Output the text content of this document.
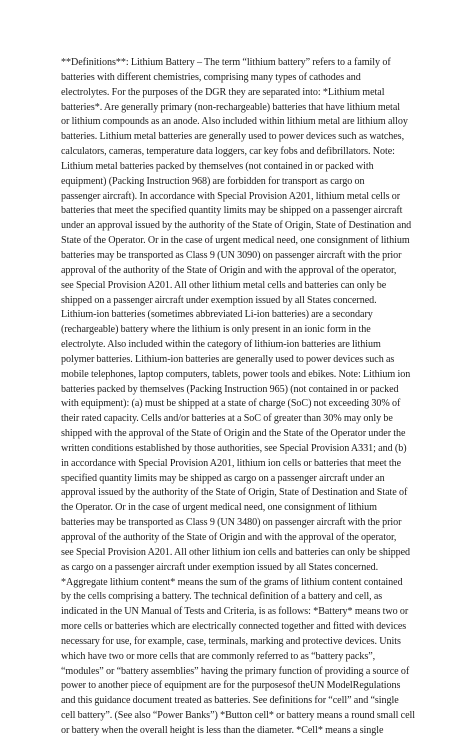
**Definitions**: Lithium Battery – The term “lithium battery” refers to a family of
batteries with different chemistries, comprising many types of cathodes and
electrolytes. For the purposes of the DGR they are separated into: *Lithium metal
batteries*. Are generally primary (non-rechargeable) batteries that have lithium metal
or lithium compounds as an anode. Also included within lithium metal are lithium alloy
batteries. Lithium metal batteries are generally used to power devices such as watches,
calculators, cameras, temperature data loggers, car key fobs and defibrillators. Note:
Lithium metal batteries packed by themselves (not contained in or packed with
equipment) (Packing Instruction 968) are forbidden for transport as cargo on
passenger aircraft). In accordance with Special Provision A201, lithium metal cells or
batteries that meet the specified quantity limits may be shipped on a passenger aircraft
under an approval issued by the authority of the State of Origin, State of Destination and
State of the Operator. Or in the case of urgent medical need, one consignment of lithium
batteries may be transported as Class 9 (UN 3090) on passenger aircraft with the prior
approval of the authority of the State of Origin and with the approval of the operator,
see Special Provision A201. All other lithium metal cells and batteries can only be
shipped on a passenger aircraft under exemption issued by all States concerned.
Lithium-ion batteries (sometimes abbreviated Li-ion batteries) are a secondary
(rechargeable) battery where the lithium is only present in an ionic form in the
electrolyte. Also included within the category of lithium-ion batteries are lithium
polymer batteries. Lithium-ion batteries are generally used to power devices such as
mobile telephones, laptop computers, tablets, power tools and ebikes. Note: Lithium ion
batteries packed by themselves (Packing Instruction 965) (not contained in or packed
with equipment): (a) must be shipped at a state of charge (SoC) not exceeding 30% of
their rated capacity. Cells and/or batteries at a SoC of greater than 30% may only be
shipped with the approval of the State of Origin and the State of the Operator under the
written conditions established by those authorities, see Special Provision A331; and (b)
in accordance with Special Provision A201, lithium ion cells or batteries that meet the
specified quantity limits may be shipped as cargo on a passenger aircraft under an
approval issued by the authority of the State of Origin, State of Destination and State of
the Operator. Or in the case of urgent medical need, one consignment of lithium
batteries may be transported as Class 9 (UN 3480) on passenger aircraft with the prior
approval of the authority of the State of Origin and with the approval of the operator,
see Special Provision A201. All other lithium ion cells and batteries can only be shipped
as cargo on a passenger aircraft under exemption issued by all States concerned.
*Aggregate lithium content* means the sum of the grams of lithium content contained
by the cells comprising a battery. The technical definition of a battery and cell, as
indicated in the UN Manual of Tests and Criteria, is as follows: *Battery* means two or
more cells or batteries which are electrically connected together and fitted with devices
necessary for use, for example, case, terminals, marking and protective devices. Units
which have two or more cells that are commonly referred to as “battery packs”,
“modules” or “battery assemblies” having the primary function of providing a source of
power to another piece of equipment are for the purposesof theUN ModelRegulations
and this guidance document treated as batteries. See definitions for “cell” and “single
cell battery”. (See also “Power Banks”) *Button cell* or battery means a round small cell
or battery when the overall height is less than the diameter. *Cell* means a single
